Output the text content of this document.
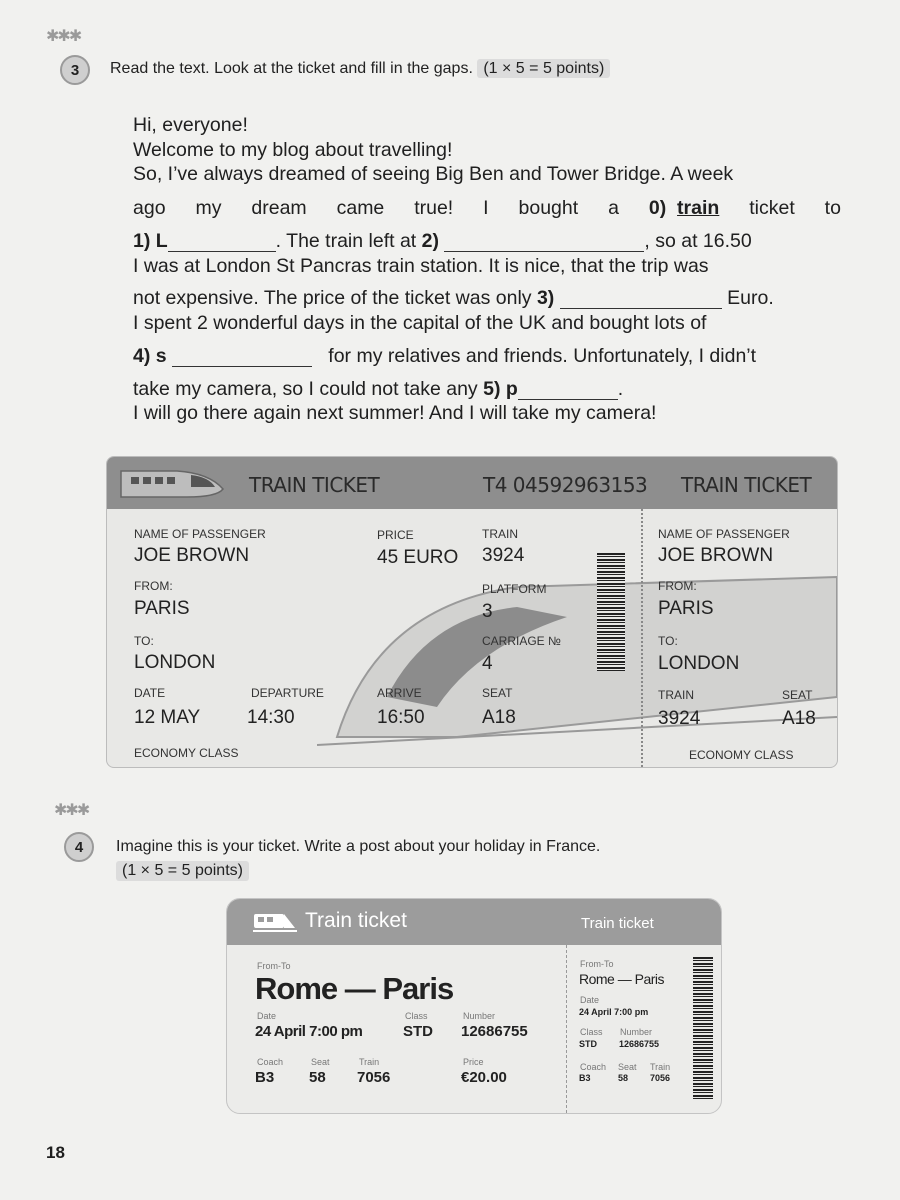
✱✱✱
3	Read the text. Look at the ticket and fill in the gaps. (1 × 5 = 5 points)
Hi, everyone!
Welcome to my blog about travelling!
So, I’ve always dreamed of seeing Big Ben and Tower Bridge. A week
ago my dream came true! I bought a 0) train ticket to
1) L	. The train left at 2)	, so at 16.50
I was at London St Pancras train station. It is nice, that the trip was
not expensive. The price of the ticket was only 3)	Euro.
I spent 2 wonderful days in the capital of the UK and bought lots of
4) s	for my relatives and friends. Unfortunately, I didn’t
take my camera, so I could not take any 5) p	.
I will go there again next summer! And I will take my camera!
TRAIN TICKET	T4 04592963153 TRAIN TICKET
NAME OF PASSENGER
JOE BROWN
PRICE
45 EURO
TRAIN
3924
FROM:
PARIS
PLATFORM
3
TO:
LONDON
CARRIAGE №
4
DATE
12 MAY
DEPARTURE
14:30
ARRIVE
16:50
SEAT
A18
ECONOMY CLASS
NAME OF PASSENGER
JOE BROWN
FROM:
PARIS
TO:
LONDON
TRAIN
3924
SEAT
A18
ECONOMY CLASS
✱✱✱
4	Imagine this is your ticket. Write a post about your holiday in France.
(1 × 5 = 5 points)
Train ticket	Train ticket
From-To
Rome — Paris
Date
24 April 7:00 pm
Class
STD
Number
12686755
Coach
B3
Seat
58
Train
7056
Price
€20.00
From-To
Rome — Paris
Date
24 April 7:00 pm
Class
STD
Number
12686755
Coach
B3
Seat
58
Train
7056
18
